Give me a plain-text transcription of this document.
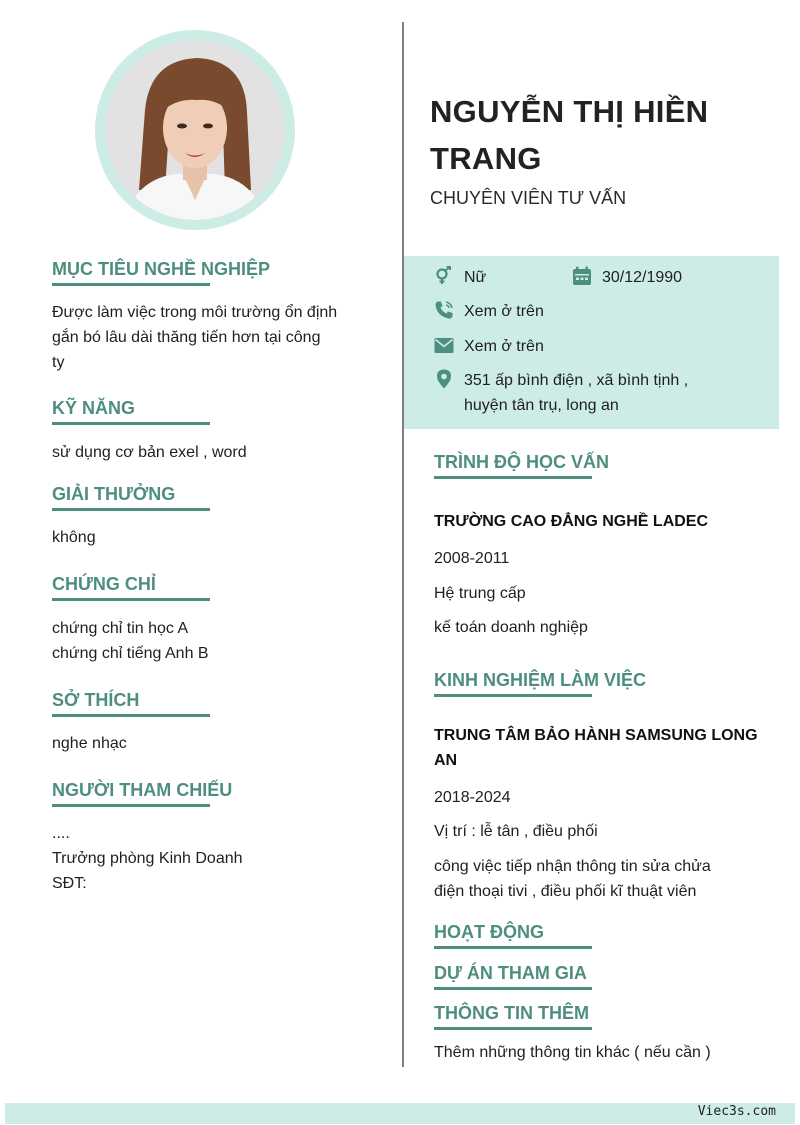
MỤC TIÊU NGHỀ NGHIỆP
Được làm việc trong môi trường ổn định
gắn bó lâu dài thăng tiến hơn tại công
ty
KỸ NĂNG
sử dụng cơ bản exel , word
GIẢI THƯỞNG
không
CHỨNG CHỈ
chứng chỉ tin học A
chứng chỉ tiếng Anh B
SỞ THÍCH
nghe nhạc
NGƯỜI THAM CHIẾU
....
Trưởng phòng Kinh Doanh
SĐT:
NGUYỄN THỊ HIỀN
TRANG
CHUYÊN VIÊN TƯ VẤN
Nữ	30/12/1990
Xem ở trên
Xem ở trên
351 ấp bình điện , xã bình tịnh ,
huyện tân trụ, long an
TRÌNH ĐỘ HỌC VẤN
TRƯỜNG CAO ĐẲNG NGHỀ LADEC
2008-2011
Hệ trung cấp
kế toán doanh nghiệp
KINH NGHIỆM LÀM VIỆC
TRUNG TÂM BẢO HÀNH SAMSUNG LONG
AN
2018-2024
Vị trí : lễ tân , điều phối
công việc tiếp nhận thông tin sửa chửa
điện thoại tivi , điều phối kĩ thuật viên
HOẠT ĐỘNG
DỰ ÁN THAM GIA
THÔNG TIN THÊM
Thêm những thông tin khác ( nếu cần )
Viec3s.com
